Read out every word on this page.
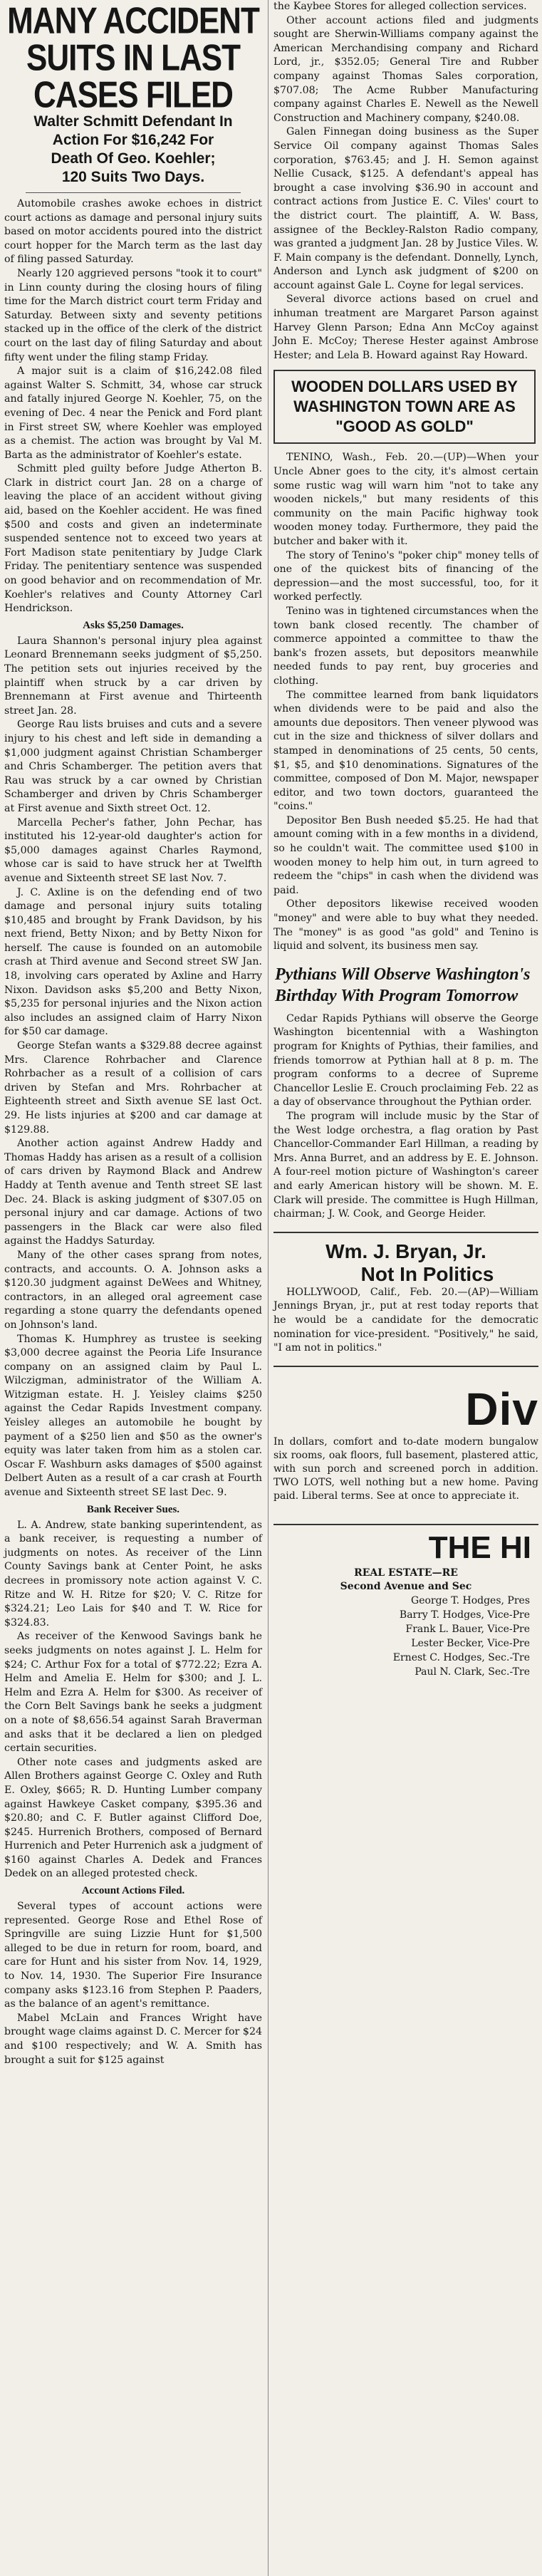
MANY ACCIDENT SUITS IN LAST CASES FILED
Walter Schmitt Defendant In
Action For $16,242 For
Death Of Geo. Koehler;
120 Suits Two Days.

Automobile crashes awoke echoes in district court actions as damage and personal injury suits based on motor accidents poured into the district court hopper for the March term as the last day of filing passed Saturday.

Nearly 120 aggrieved persons "took it to court" in Linn county during the closing hours of filing time for the March district court term Friday and Saturday. Between sixty and seventy petitions stacked up in the office of the clerk of the district court on the last day of filing Saturday and about fifty went under the filing stamp Friday.

A major suit is a claim of $16,242.08 filed against Walter S. Schmitt, 34, whose car struck and fatally injured George N. Koehler, 75, on the evening of Dec. 4 near the Penick and Ford plant in First street SW, where Koehler was employed as a chemist. The action was brought by Val M. Barta as the administrator of Koehler's estate.

Schmitt pled guilty before Judge Atherton B. Clark in district court Jan. 28 on a charge of leaving the place of an accident without giving aid, based on the Koehler accident. He was fined $500 and costs and given an indeterminate suspended sentence not to exceed two years at Fort Madison state penitentiary by Judge Clark Friday. The penitentiary sentence was suspended on good behavior and on recommendation of Mr. Koehler's relatives and County Attorney Carl Hendrickson.

Asks $5,250 Damages.

Laura Shannon's personal injury plea against Leonard Brennemann seeks judgment of $5,250. The petition sets out injuries received by the plaintiff when struck by a car driven by Brennemann at First avenue and Thirteenth street Jan. 28.

George Rau lists bruises and cuts and a severe injury to his chest and left side in demanding a $1,000 judgment against Christian Schamberger and Chris Schamberger. The petition avers that Rau was struck by a car owned by Christian Schamberger and driven by Chris Schamberger at First avenue and Sixth street Oct. 12.

Marcella Pecher's father, John Pechar, has instituted his 12-year-old daughter's action for $5,000 damages against Charles Raymond, whose car is said to have struck her at Twelfth avenue and Sixteenth street SE last Nov. 7.

J. C. Axline is on the defending end of two damage and personal injury suits totaling $10,485 and brought by Frank Davidson, by his next friend, Betty Nixon; and by Betty Nixon for herself. The cause is founded on an automobile crash at Third avenue and Second street SW Jan. 18, involving cars operated by Axline and Harry Nixon. Davidson asks $5,200 and Betty Nixon, $5,235 for personal injuries and the Nixon action also includes an assigned claim of Harry Nixon for $50 car damage.

George Stefan wants a $329.88 decree against Mrs. Clarence Rohrbacher and Clarence Rohrbacher as a result of a collision of cars driven by Stefan and Mrs. Rohrbacher at Eighteenth street and Sixth avenue SE last Oct. 29. He lists injuries at $200 and car damage at $129.88.

Another action against Andrew Haddy and Thomas Haddy has arisen as a result of a collision of cars driven by Raymond Black and Andrew Haddy at Tenth avenue and Tenth street SE last Dec. 24. Black is asking judgment of $307.05 on personal injury and car damage. Actions of two passengers in the Black car were also filed against the Haddys Saturday.

Many of the other cases sprang from notes, contracts, and accounts. O. A. Johnson asks a $120.30 judgment against DeWees and Whitney, contractors, in an alleged oral agreement case regarding a stone quarry the defendants opened on Johnson's land.

Thomas K. Humphrey as trustee is seeking $3,000 decree against the Peoria Life Insurance company on an assigned claim by Paul L. Wilczigman, administrator of the William A. Witzigman estate. H. J. Yeisley claims $250 against the Cedar Rapids Investment company. Yeisley alleges an automobile he bought by payment of a $250 lien and $50 as the owner's equity was later taken from him as a stolen car. Oscar F. Washburn asks damages of $500 against Delbert Auten as a result of a car crash at Fourth avenue and Sixteenth street SE last Dec. 9.

Bank Receiver Sues.

L. A. Andrew, state banking superintendent, as a bank receiver, is requesting a number of judgments on notes. As receiver of the Linn County Savings bank at Center Point, he asks decrees in promissory note action against V. C. Ritze and W. H. Ritze for $20; V. C. Ritze for $324.21; Leo Lais for $40 and T. W. Rice for $324.83.

As receiver of the Kenwood Savings bank he seeks judgments on notes against J. L. Helm for $24; C. Arthur Fox for a total of $772.22; Ezra A. Helm and Amelia E. Helm for $300; and J. L. Helm and Ezra A. Helm for $300. As receiver of the Corn Belt Savings bank he seeks a judgment on a note of $8,656.54 against Sarah Braverman and asks that it be declared a lien on pledged certain securities.

Other note cases and judgments asked are Allen Brothers against George C. Oxley and Ruth E. Oxley, $665; R. D. Hunting Lumber company against Hawkeye Casket company, $395.36 and $20.80; and C. F. Butler against Clifford Doe, $245. Hurrenich Brothers, composed of Bernard Hurrenich and Peter Hurrenich ask a judgment of $160 against Charles A. Dedek and Frances Dedek on an alleged protested check.

Account Actions Filed.

Several types of account actions were represented. George Rose and Ethel Rose of Springville are suing Lizzie Hunt for $1,500 alleged to be due in return for room, board, and care for Hunt and his sister from Nov. 14, 1929, to Nov. 14, 1930. The Superior Fire Insurance company asks $123.16 from Stephen P. Paaders, as the balance of an agent's remittance.

Mabel McLain and Frances Wright have brought wage claims against D. C. Mercer for $24 and $100 respectively; and W. A. Smith has brought a suit for $125 against

the Kaybee Stores for alleged collection services.

Other account actions filed and judgments sought are Sherwin-Williams company against the American Merchandising company and Richard Lord, jr., $352.05; General Tire and Rubber company against Thomas Sales corporation, $707.08; The Acme Rubber Manufacturing company against Charles E. Newell as the Newell Construction and Machinery company, $240.08.

Galen Finnegan doing business as the Super Service Oil company against Thomas Sales corporation, $763.45; and J. H. Semon against Nellie Cusack, $125. A defendant's appeal has brought a case involving $36.90 in account and contract actions from Justice E. C. Viles' court to the district court. The plaintiff, A. W. Bass, assignee of the Beckley-Ralston Radio company, was granted a judgment Jan. 28 by Justice Viles. W. F. Main company is the defendant. Donnelly, Lynch, Anderson and Lynch ask judgment of $200 on account against Gale L. Coyne for legal services.

Several divorce actions based on cruel and inhuman treatment are Margaret Parson against Harvey Glenn Parson; Edna Ann McCoy against John E. McCoy; Therese Hester against Ambrose Hester; and Lela B. Howard against Ray Howard.

WOODEN DOLLARS USED BY WASHINGTON TOWN ARE AS "GOOD AS GOLD"

TENINO, Wash., Feb. 20.—(UP)—When your Uncle Abner goes to the city, it's almost certain some rustic wag will warn him "not to take any wooden nickels," but many residents of this community on the main Pacific highway took wooden money today. Furthermore, they paid the butcher and baker with it.

The story of Tenino's "poker chip" money tells of one of the quickest bits of financing of the depression—and the most successful, too, for it worked perfectly.

Tenino was in tightened circumstances when the town bank closed recently. The chamber of commerce appointed a committee to thaw the bank's frozen assets, but depositors meanwhile needed funds to pay rent, buy groceries and clothing.

The committee learned from bank liquidators when dividends were to be paid and also the amounts due depositors. Then veneer plywood was cut in the size and thickness of silver dollars and stamped in denominations of 25 cents, 50 cents, $1, $5, and $10 denominations. Signatures of the committee, composed of Don M. Major, newspaper editor, and two town doctors, guaranteed the "coins."

Depositor Ben Bush needed $5.25. He had that amount coming with in a few months in a dividend, so he couldn't wait. The committee used $100 in wooden money to help him out, in turn agreed to redeem the "chips" in cash when the dividend was paid.

Other depositors likewise received wooden "money" and were able to buy what they needed. The "money" is as good "as gold" and Tenino is liquid and solvent, its business men say.

Pythians Will Observe Washington's Birthday With Program Tomorrow

Cedar Rapids Pythians will observe the George Washington bicentennial with a Washington program for Knights of Pythias, their families, and friends tomorrow at Pythian hall at 8 p. m. The program conforms to a decree of Supreme Chancellor Leslie E. Crouch proclaiming Feb. 22 as a day of observance throughout the Pythian order.

The program will include music by the Star of the West lodge orchestra, a flag oration by Past Chancellor-Commander Earl Hillman, a reading by Mrs. Anna Burret, and an address by E. E. Johnson. A four-reel motion picture of Washington's career and early American history will be shown. M. E. Clark will preside. The committee is Hugh Hillman, chairman; J. W. Cook, and George Heider.

Wm. J. Bryan, Jr.
Not In Politics

HOLLYWOOD, Calif., Feb. 20.—(AP)—William Jennings Bryan, jr., put at rest today reports that he would be a candidate for the democratic nomination for vice-president. "Positively," he said, "I am not in politics."

Div
In dollars, comfort and to-date modern bungalow six rooms, oak floors, full basement, plastered attic, with sun porch and screened porch in addition. TWO LOTS, well nothing but a new home. Paving paid. Liberal terms. See at once to appreciate it.
THE HI
REAL ESTATE—RE
Second Avenue and Sec
George T. Hodges, Pres
Barry T. Hodges, Vice-Pre
Frank L. Bauer, Vice-Pre
Lester Becker, Vice-Pre
Ernest C. Hodges, Sec.-Tre
Paul N. Clark, Sec.-Tre
